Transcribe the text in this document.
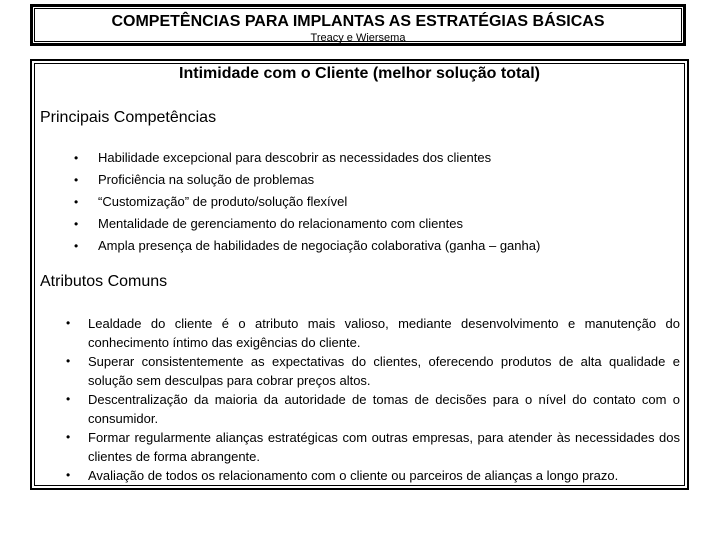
COMPETÊNCIAS PARA IMPLANTAS AS ESTRATÉGIAS BÁSICAS
Treacy e Wiersema
Intimidade com o Cliente (melhor solução total)
Principais Competências
• Habilidade excepcional para descobrir as necessidades dos clientes
• Proficiência na solução de problemas
• “Customização” de produto/solução flexível
• Mentalidade de gerenciamento do relacionamento com clientes
• Ampla presença de habilidades de negociação colaborativa (ganha – ganha)
Atributos Comuns
• Lealdade do cliente é o atributo mais valioso, mediante desenvolvimento e manutenção do conhecimento íntimo das exigências do cliente.
• Superar consistentemente as expectativas do clientes, oferecendo produtos de alta qualidade e solução sem desculpas para cobrar preços altos.
• Descentralização da maioria da autoridade de tomas de decisões para o nível do contato com o consumidor.
• Formar regularmente alianças estratégicas com outras empresas, para atender às necessidades dos clientes de forma abrangente.
• Avaliação de todos os relacionamento com o cliente ou parceiros de alianças a longo prazo.
